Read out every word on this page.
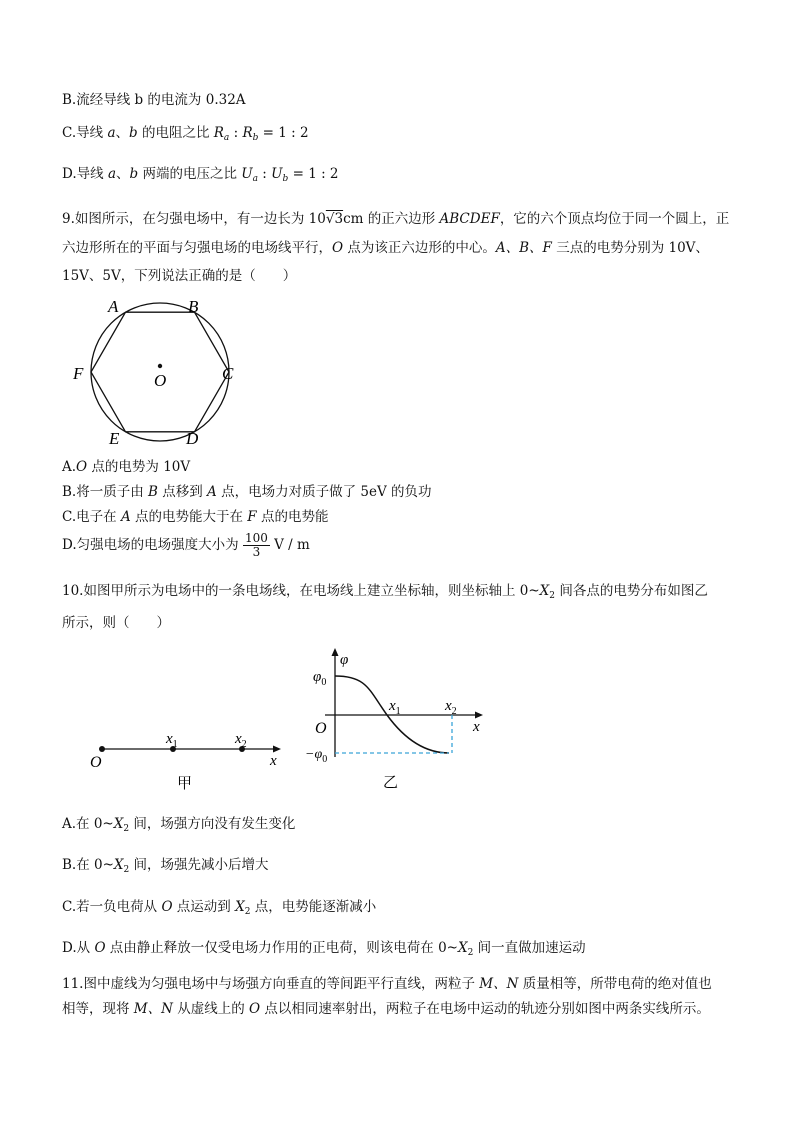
B.流经导线 b 的电流为 0.32A
C.导线 a、b 的电阻之比 $R_a$ : $R_b = 1$ : 2
D.导线 a、b 两端的电压之比 $U_a$ : $U_b = 1$ : 2
9.如图所示，在匀强电场中，有一边长为 10√3cm 的正六边形 ABCDEF，它的六个顶点均位于同一个圆上，正
六边形所在的平面与匀强电场的电场线平行，O 点为该正六边形的中心。A、B、F 三点的电势分别为 10V、
15V、5V，下列说法正确的是（　　）
A	B
C
D
E
F	O
A.O 点的电势为 10V
B.将一质子由 B 点移到 A 点，电场力对质子做了 5eV 的负功
C.电子在 A 点的电势能大于在 F 点的电势能
D.匀强电场的电场强度大小为 $\frac{100}{3}$ V / m
10.如图甲所示为电场中的一条电场线，在电场线上建立坐标轴，则坐标轴上 $0\sim X_2$ 间各点的电势分布如图乙
所示，则（　　）
O
$x_1$	$x_2$
x
甲
φ
$\varphi_0$
$-\varphi_0$
O
$x_1$	$x_2$
x
乙
A.在 $0\sim X_2$ 间，场强方向没有发生变化
B.在 $0\sim X_2$ 间，场强先减小后增大
C.若一负电荷从 O 点运动到 $X_2$ 点，电势能逐渐减小
D.从 O 点由静止释放一仅受电场力作用的正电荷，则该电荷在 $0\sim X_2$ 间一直做加速运动
11.图中虚线为匀强电场中与场强方向垂直的等间距平行直线，两粒子 M、N 质量相等，所带电荷的绝对值也
相等，现将 M、N 从虚线上的 O 点以相同速率射出，两粒子在电场中运动的轨迹分别如图中两条实线所示。
